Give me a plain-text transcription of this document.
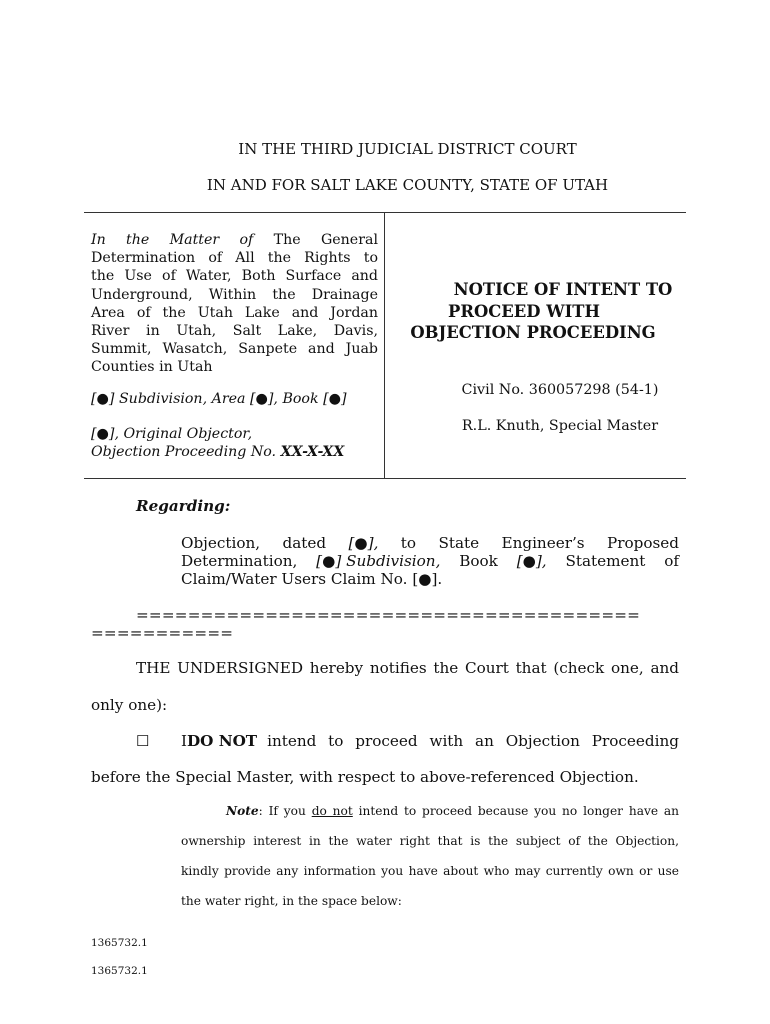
IN THE THIRD JUDICIAL DISTRICT COURT
IN AND FOR SALT LAKE COUNTY, STATE OF UTAH
In the Matter of The General
Determination of All the Rights to
the Use of Water, Both Surface and
Underground, Within the Drainage
Area of the Utah Lake and Jordan
River in Utah, Salt Lake, Davis,
Summit, Wasatch, Sanpete and Juab
Counties in Utah
[●] Subdivision, Area [●], Book [●]
[●], Original Objector,
Objection Proceeding No. XX-X-XX
NOTICE OF INTENT TO
PROCEED WITH
OBJECTION PROCEEDING
Civil No. 360057298 (54-1)
R.L. Knuth, Special Master
Regarding:
Objection, dated [●], to State Engineer’s Proposed
Determination, [●] Subdivision, Book [●], Statement of
Claim/Water Users Claim No. [●].
=======================================
===========
THE UNDERSIGNED hereby notifies the Court that (check one, and
only one):
☐ I DO NOT intend to proceed with an Objection Proceeding
before the Special Master, with respect to above-referenced Objection.
Note: If you do not intend to proceed because you no longer have an
ownership interest in the water right that is the subject of the Objection,
kindly provide any information you have about who may currently own or use
the water right, in the space below:
1365732.1
1365732.1
